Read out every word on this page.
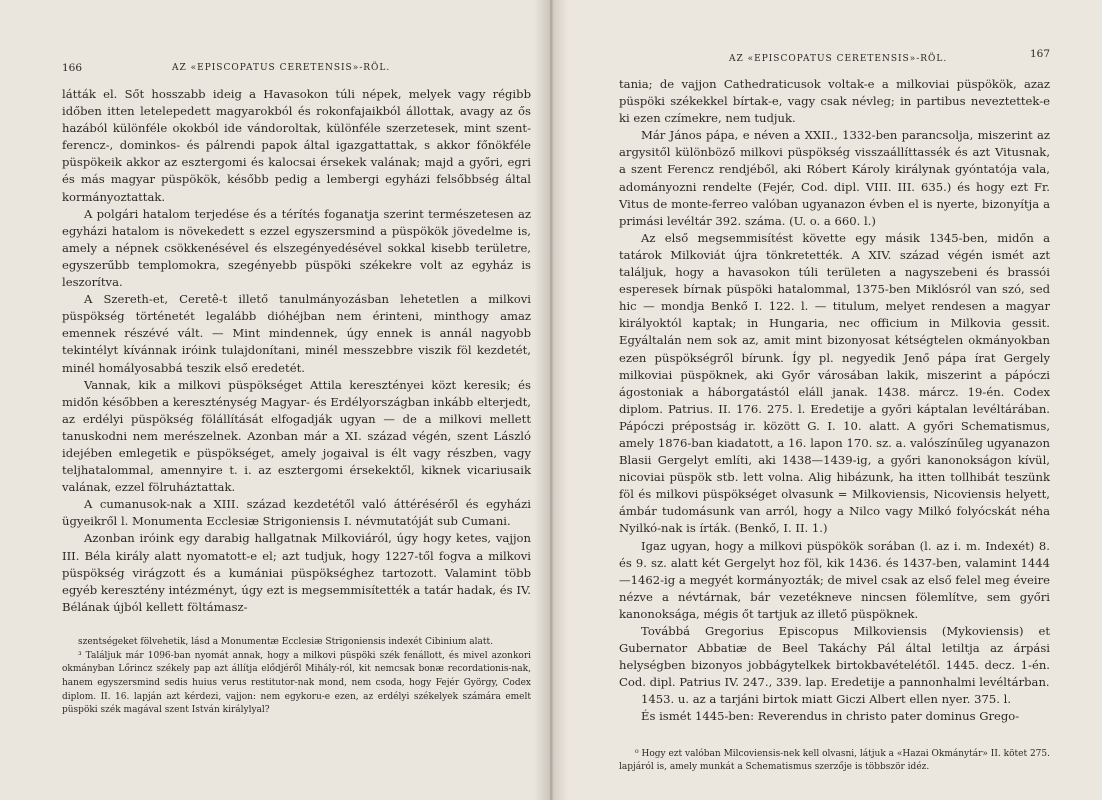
166	AZ «EPISCOPATUS CERETENSIS»-RÖL.

látták el. Sőt hosszabb ideig a Havasokon túli népek, melyek vagy régibb időben itten letelepedett magyarokból és rokonfajaikból állottak, avagy az ős hazából különféle okokból ide vándoroltak, különféle szerzetesek, mint szent-ferencz-, dominkos- és pálrendi papok által igazgattattak, s akkor főnökféle püspökeik akkor az esztergomi és kalocsai érsekek valának; majd a győri, egri és más magyar püspökök, később pedig a lembergi egyházi felsőbbség által kormányoztattak.

A polgári hatalom terjedése és a térítés foganatja szerint természetesen az egyházi hatalom is növekedett s ezzel egyszersmind a püspökök jövedelme is, amely a népnek csökkenésével és elszegényedésével sokkal kisebb területre, egyszerűbb templomokra, szegényebb püspöki székekre volt az egyház is leszorítva.

A Szereth-et, Ceretê-t illető tanulmányozásban lehetetlen a milkovi püspökség történetét legalább dióhéjban nem érinteni, minthogy amaz emennek részévé vált. — Mint mindennek, úgy ennek is annál nagyobb tekintélyt kívánnak iróink tulajdonítani, minél messzebbre viszik föl kezdetét, minél homályosabbá teszik első eredetét.

Vannak, kik a milkovi püspökséget Attila keresztényei közt keresik; és midőn későbben a kereszténység Magyar- és Erdélyországban inkább elterjedt, az erdélyi püspökség fölállítását elfogadják ugyan — de a milkovi mellett tanuskodni nem merészelnek. Azonban már a XI. század végén, szent László idejében emlegetik e püspökséget, amely jogaival is élt vagy részben, vagy teljhatalommal, amennyire t. i. az esztergomi érsekektől, kiknek vicariusaik valának, ezzel fölruháztattak.

A cumanusok-nak a XIII. század kezdetétől való áttéréséről és egyházi ügyeikről l. Monumenta Ecclesiæ Strigoniensis I. névmutatóját sub Cumani.

Azonban iróink egy darabig hallgatnak Milkoviáról, úgy hogy ketes, vajjon III. Béla király alatt nyomatott-e el; azt tudjuk, hogy 1227-től fogva a milkovi püspökség virágzott és a kumániai püspökséghez tartozott. Valamint több egyéb keresztény intézményt, úgy ezt is megsemmisítették a tatár hadak, és IV. Bélának újból kellett föltámasz-

szentségeket fölvehetik, lásd a Monumentæ Ecclesiæ Strigoniensis indexét Cibinium alatt.

³ Találjuk már 1096-ban nyomát annak, hogy a milkovi püspöki szék fenállott, és mivel azonkori okmányban Lőrincz székely pap azt állítja elődjéről Mihály-ról, kit nemcsak bonæ recordationis-nak, hanem egyszersmind sedis huius verus restitutor-nak mond, nem csoda, hogy Fejér György, Codex diplom. II. 16. lapján azt kérdezi, vajjon: nem egykoru-e ezen, az erdélyi székelyek számára emelt püspöki szék magával szent István királylyal?

AZ «EPISCOPATUS CERETENSIS»-RÖL.	167

tania; de vajjon Cathedraticusok voltak-e a milkoviai püspökök, azaz püspöki székekkel bírtak-e, vagy csak névleg; in partibus neveztettek-e ki ezen czímekre, nem tudjuk.

Már János pápa, e néven a XXII., 1332-ben parancsolja, miszerint az argysitől különböző milkovi püspökség visszaállíttassék és azt Vitusnak, a szent Ferencz rendjéből, aki Róbert Károly királynak gyóntatója vala, adományozni rendelte (Fejér, Cod. dipl. VIII. III. 635.) és hogy ezt Fr. Vitus de monte-ferreo valóban ugyanazon évben el is nyerte, bizonyítja a primási levéltár 392. száma. (U. o. a 660. l.)

Az első megsemmisítést követte egy másik 1345-ben, midőn a tatárok Milkoviát újra tönkretették. A XIV. század végén ismét azt találjuk, hogy a havasokon túli területen a nagyszebeni és brassói esperesek bírnak püspöki hatalommal, 1375-ben Miklósról van szó, sed hic — mondja Benkő I. 122. l. — titulum, melyet rendesen a magyar királyoktól kaptak; in Hungaria, nec officium in Milkovia gessit. Egyáltalán nem sok az, amit mint bizonyosat kétségtelen okmányokban ezen püspökségről bírunk. Így pl. negyedik Jenő pápa írat Gergely milkoviai püspöknek, aki Győr városában lakik, miszerint a pápóczi ágostoniak a háborgatástól eláll janak. 1438. márcz. 19-én. Codex diplom. Patrius. II. 176. 275. l. Eredetije a győri káptalan levéltárában. Pápóczi prépostság ir. között G. I. 10. alatt. A győri Schematismus, amely 1876-ban kiadatott, a 16. lapon 170. sz. a. valószínűleg ugyanazon Blasii Gergelyt említi, aki 1438—1439-ig, a győri kanonokságon kívül, nicoviai püspök stb. lett volna. Alig hibázunk, ha itten tollhibát teszünk föl és milkovi püspökséget olvasunk = Milkoviensis, Nicoviensis helyett, ámbár tudomásunk van arról, hogy a Nilco vagy Milkó folyócskát néha Nyilkó-nak is írták. (Benkő, I. II. 1.)

Igaz ugyan, hogy a milkovi püspökök sorában (l. az i. m. Indexét) 8. és 9. sz. alatt két Gergelyt hoz föl, kik 1436. és 1437-ben, valamint 1444—1462-ig a megyét kormányozták; de mivel csak az első felel meg éveire nézve a névtárnak, bár vezetékneve nincsen fölemlítve, sem győri kanonoksága, mégis őt tartjuk az illető püspöknek.

Továbbá Gregorius Episcopus Milkoviensis (Mykoviensis) et Gubernator Abbatiæ de Beel Takáchy Pál által letiltja az árpási helységben bizonyos jobbágytelkek birtokbavételétől. 1445. decz. 1-én. Cod. dipl. Patrius IV. 247., 339. lap. Eredetije a pannonhalmi levéltárban.

1453. u. az a tarjáni birtok miatt Giczi Albert ellen nyer. 375. l.

És ismét 1445-ben: Reverendus in christo pater dominus Grego-

⁰ Hogy ezt valóban Milcoviensis-nek kell olvasni, látjuk a «Hazai Okmánytár» II. kötet 275. lapjáról is, amely munkát a Schematismus szerzője is többször idéz.
